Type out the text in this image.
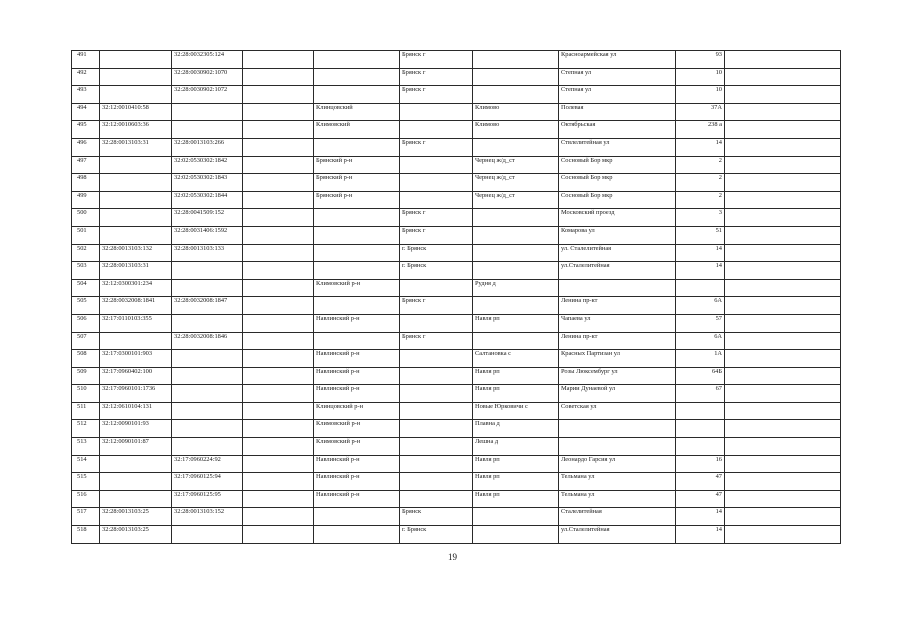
491		32:28:0032305:124			Брянск г		Красноармейская ул	93	
492		32:28:0030902:1070			Брянск г		Степная ул	10	
493		32:28:0030902:1072			Брянск г		Степная ул	10	
494	32:12:0010410:58			Клинцовский		Климово	Полевая	37А	
495	32:12:0010603:36			Климовский		Климово	Октябрьская	238 а	
496	32:28:0013103:31	32:28:0013103:266			Брянск г		Ствлелитейная ул	14	
497		32:02:0530302:1842		Брянский р-н		Чернец ж/д_ст	Сосновый Бор мкр	2	
498		32:02:0530302:1843		Брянский р-н		Чернец ж/д_ст	Сосновый Бор мкр	2	
499		32:02:0530302:1844		Брянский р-н		Чернец ж/д_ст	Сосновый Бор мкр	2	
500		32:28:0041509:152			Брянск г		Московский проезд	3	
501		32:28:0031406:1592			Брянск г		Комарова ул	51	
502	32:28:0013103:132	32:28:0013103:133			г. Брянск		ул. Сталелитейная	14	
503	32:28:0013103:31				г. Брянск		ул.Сталелитейная	14	
504	32:12:0300301:234			Климовский р-н		Рудня д			
505	32:28:0032008:1841	32:28:0032008:1847			Брянск г		Ленина пр-кт	6А	
506	32:17:0110103:355			Навлинский р-н		Навля рп	Чапаева ул	57	
507		32:28:0032008:1846			Брянск г		Ленина пр-кт	6А	
508	32:17:0300101:903			Навлинский р-н		Салтановка с	Красных Партизан ул	1А	
509	32:17:0960402:100			Навлинский р-н		Навля рп	Розы Люксембург ул	64Б	
510	32:17:0960101:1736			Навлинский р-н		Навля рп	Марии Дунаевой ул	67	
511	32:12:0610104:131			Клинцовский р-н		Новые Юрковичи с	Советская ул		
512	32:12:0090101:93			Климовский р-н		Плавна д			
513	32:12:0090101:87			Климовский р-н		Лешна д			
514		32:17:0960224:92		Навлинский р-н		Навля рп	Леонардо Гарсия ул	16	
515		32:17:0960125:94		Навлинский р-н		Навля рп	Тельмана ул	47	
516		32:17:0960125:95		Навлинский р-н		Навля рп	Тельмана ул	47	
517	32:28:0013103:25	32:28:0013103:152			Брянск		Сталелитейная	14	
518	32:28:0013103:25				г. Брянск		ул.Сталелитейная	14	
19
